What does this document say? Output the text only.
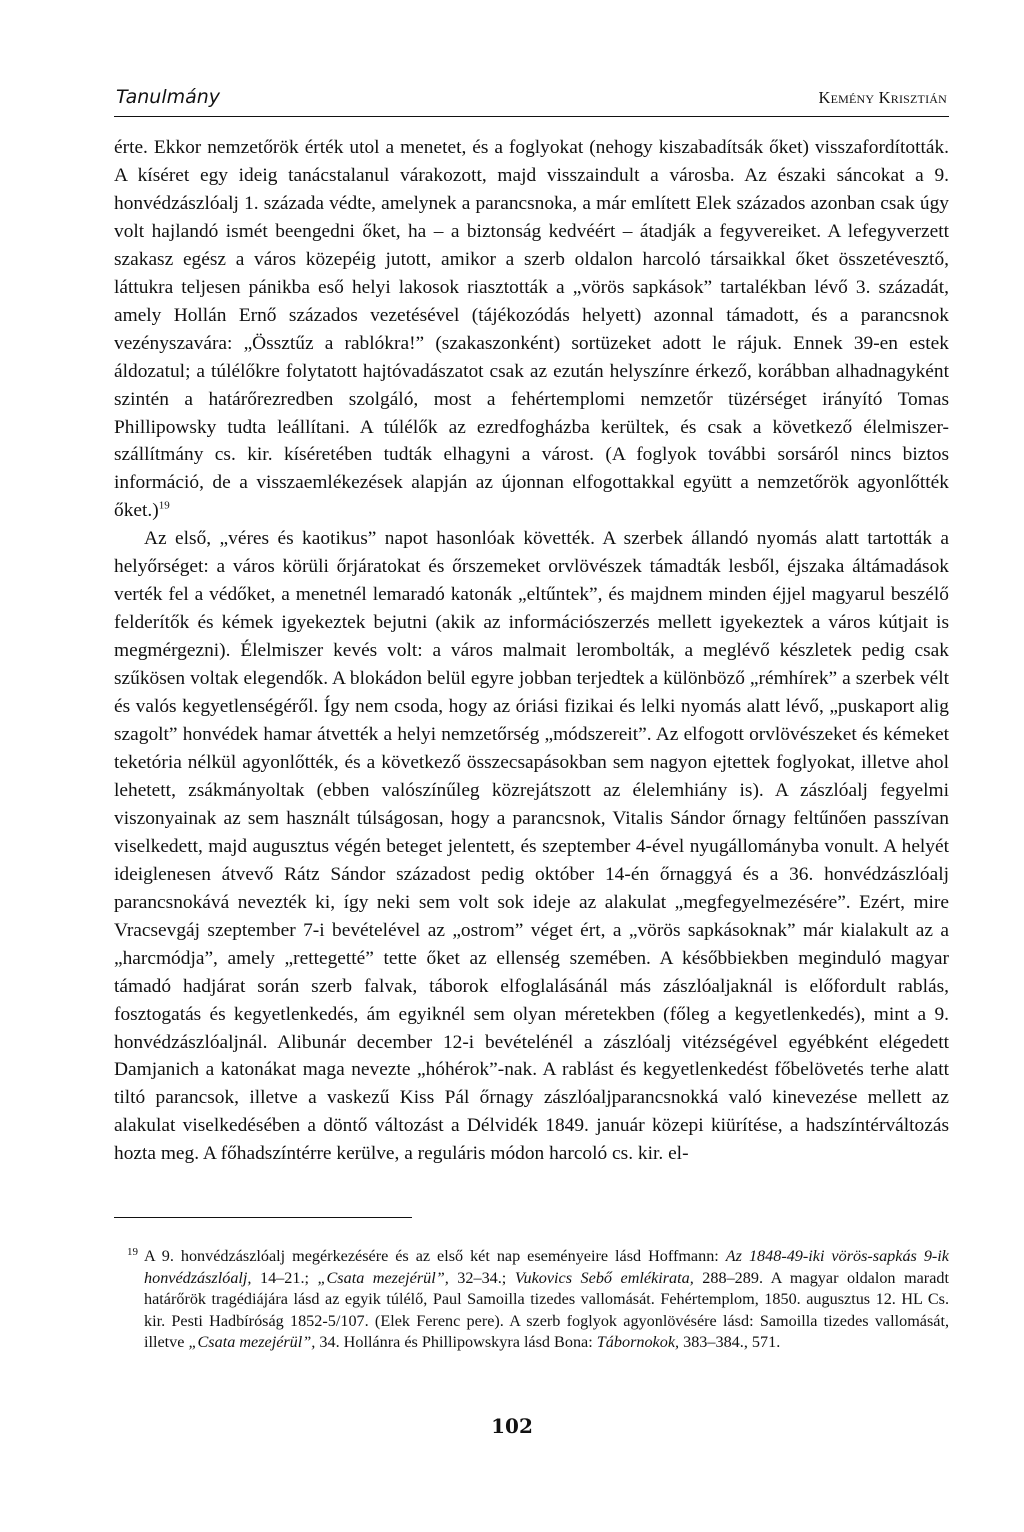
Tanulmány	Kemény Krisztián

érte. Ekkor nemzetőrök érték utol a menetet, és a foglyokat (nehogy kiszabadítsák őket) visszafordították. A kíséret egy ideig tanácstalanul várakozott, majd visszaindult a városba. Az északi sáncokat a 9. honvédzászlóalj 1. százada védte, amelynek a parancsnoka, a már említett Elek százados azonban csak úgy volt hajlandó ismét beengedni őket, ha – a biztonság kedvéért – átadják a fegyvereiket. A lefegyverzett szakasz egész a város közepéig jutott, amikor a szerb oldalon harcoló társaikkal őket összetévesztő, láttukra teljesen pánikba eső helyi lakosok riasztották a „vörös sapkások” tartalékban lévő 3. századát, amely Hollán Ernő százados vezetésével (tájékozódás helyett) azonnal támadott, és a parancsnok vezényszavára: „Össztűz a rablókra!” (szakaszonként) sortüzeket adott le rájuk. Ennek 39-en estek áldozatul; a túlélőkre folytatott hajtóvadászatot csak az ezután helyszínre érkező, korábban alhadnagyként szintén a határőrezredben szolgáló, most a fehértemplomi nemzetőr tüzérséget irányító Tomas Phillipowsky tudta leállítani. A túlélők az ezredfogházba kerültek, és csak a következő élelmiszer-szállítmány cs. kir. kíséretében tudták elhagyni a várost. (A foglyok további sorsáról nincs biztos információ, de a visszaemlékezések alapján az újonnan elfogottakkal együtt a nemzetőrök agyonlőtték őket.)$^{19}$

Az első, „véres és kaotikus” napot hasonlóak követték. A szerbek állandó nyomás alatt tartották a helyőrséget: a város körüli őrjáratokat és őrszemeket orvlövészek támadták lesből, éjszaka áltámadások verték fel a védőket, a menetnél lemaradó katonák „eltűntek”, és majdnem minden éjjel magyarul beszélő felderítők és kémek igyekeztek bejutni (akik az információszerzés mellett igyekeztek a város kútjait is megmérgezni). Élelmiszer kevés volt: a város malmait lerombolták, a meglévő készletek pedig csak szűkösen voltak elegendők. A blokádon belül egyre jobban terjedtek a különböző „rémhírek” a szerbek vélt és valós kegyetlenségéről. Így nem csoda, hogy az óriási fizikai és lelki nyomás alatt lévő, „puskaport alig szagolt” honvédek hamar átvették a helyi nemzetőrség „módszereit”. Az elfogott orvlövészeket és kémeket teketória nélkül agyonlőtték, és a következő összecsapásokban sem nagyon ejtettek foglyokat, illetve ahol lehetett, zsákmányoltak (ebben valószínűleg közrejátszott az élelemhiány is). A zászlóalj fegyelmi viszonyainak az sem használt túlságosan, hogy a parancsnok, Vitalis Sándor őrnagy feltűnően passzívan viselkedett, majd augusztus végén beteget jelentett, és szeptember 4-ével nyugállományba vonult. A helyét ideiglenesen átvevő Rátz Sándor századost pedig október 14-én őrnaggyá és a 36. honvédzászlóalj parancsnokává nevezték ki, így neki sem volt sok ideje az alakulat „megfegyelmezésére”. Ezért, mire Vracsevgáj szeptember 7-i bevételével az „ostrom” véget ért, a „vörös sapkásoknak” már kialakult az a „harcmódja”, amely „rettegetté” tette őket az ellenség szemében. A későbbiekben meginduló magyar támadó hadjárat során szerb falvak, táborok elfoglalásánál más zászlóaljaknál is előfordult rablás, fosztogatás és kegyetlenkedés, ám egyiknél sem olyan méretekben (főleg a kegyetlenkedés), mint a 9. honvédzászlóaljnál. Alibunár december 12-i bevételénél a zászlóalj vitézségével egyébként elégedett Damjanich a katonákat maga nevezte „hóhérok”-nak. A rablást és kegyetlenkedést főbelövetés terhe alatt tiltó parancsok, illetve a vaskezű Kiss Pál őrnagy zászlóaljparancsnokká való kinevezése mellett az alakulat viselkedésében a döntő változást a Délvidék 1849. január közepi kiürítése, a hadszíntérváltozás hozta meg. A főhadszíntérre kerülve, a reguláris módon harcoló cs. kir. el-

19 A 9. honvédzászlóalj megérkezésére és az első két nap eseményeire lásd Hoffmann: Az 1848-49-iki vörös-sapkás 9-ik honvédzászlóalj, 14–21.; „Csata mezejérül”, 32–34.; Vukovics Sebő emlékirata, 288–289. A magyar oldalon maradt határőrök tragédiájára lásd az egyik túlélő, Paul Samoilla tizedes vallomását. Fehértemplom, 1850. augusztus 12. HL Cs. kir. Pesti Hadbíróság 1852-5/107. (Elek Ferenc pere). A szerb foglyok agyonlövésére lásd: Samoilla tizedes vallomását, illetve „Csata mezejérül”, 34. Hollánra és Phillipowskyra lásd Bona: Tábornokok, 383–384., 571.
102
